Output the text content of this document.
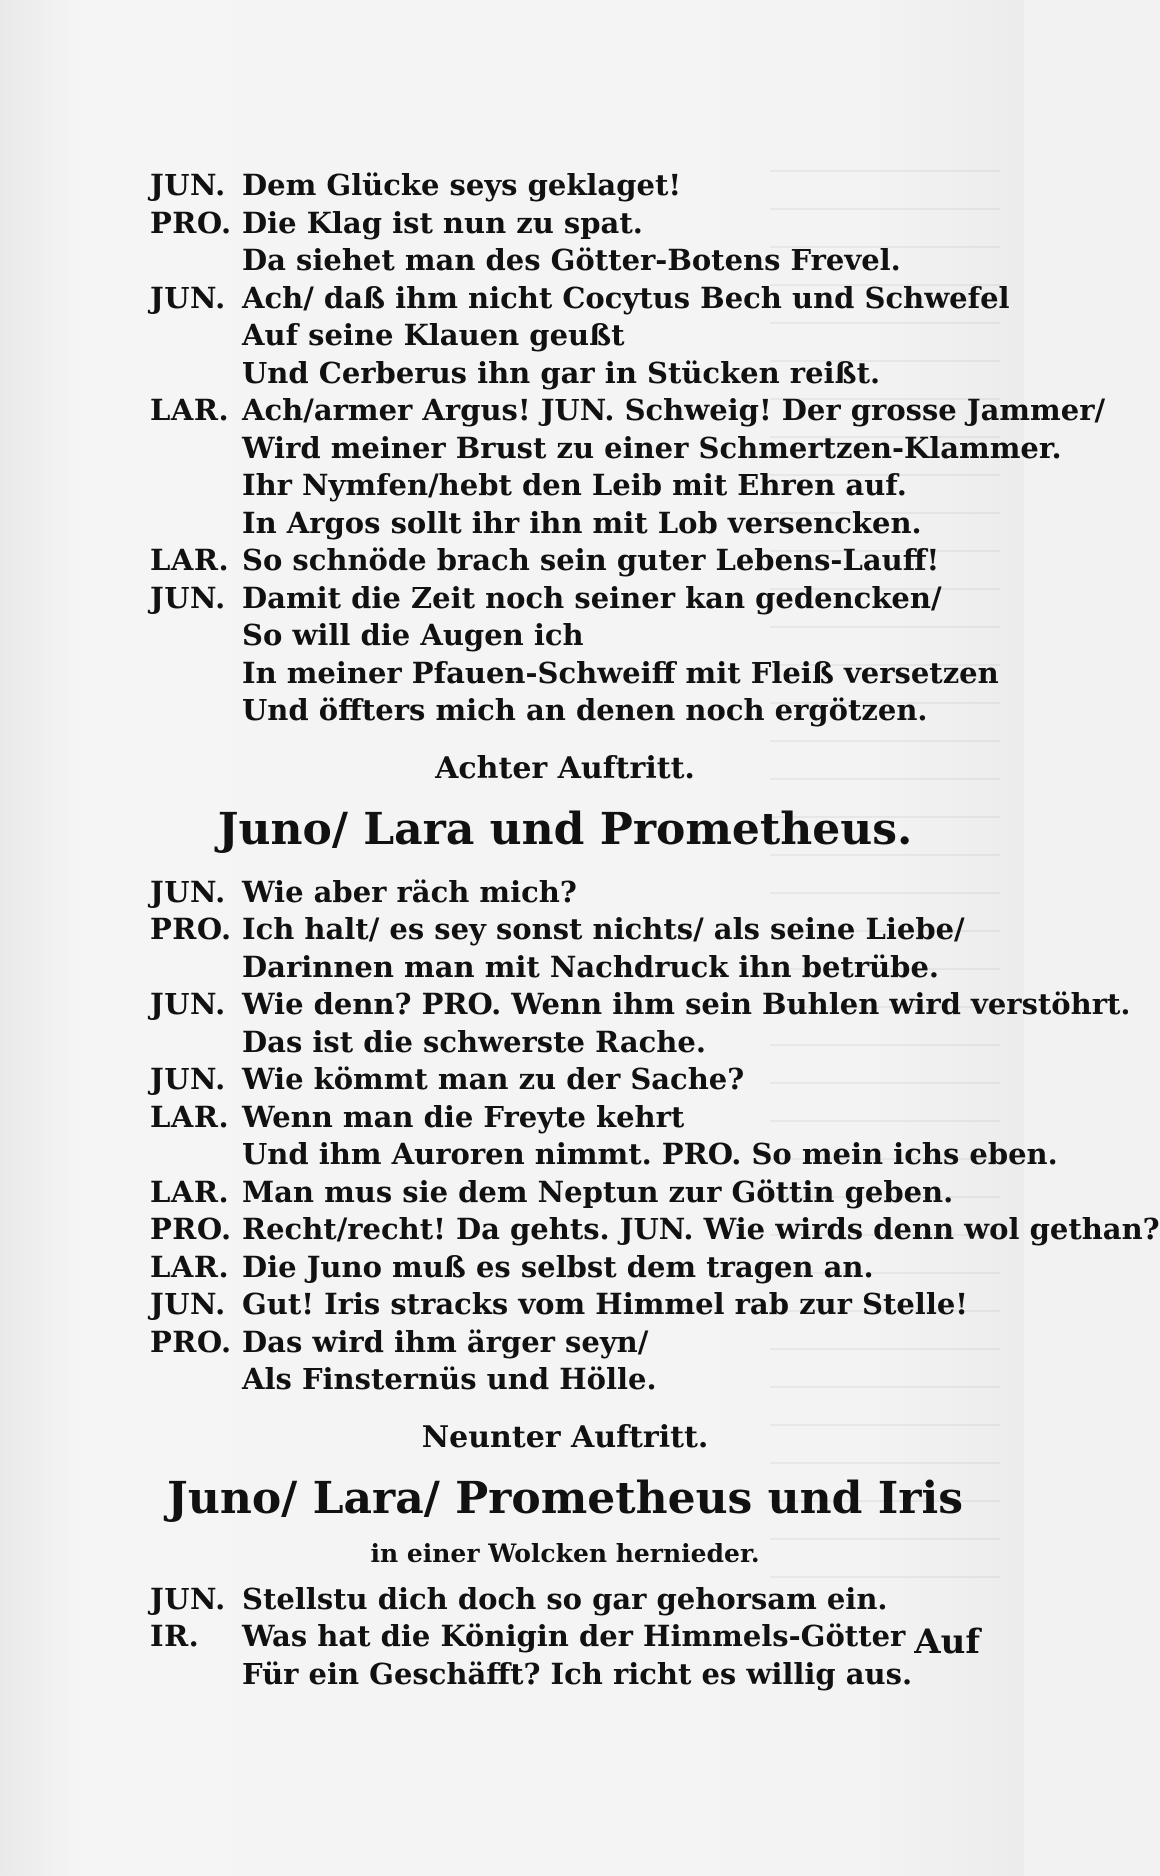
JUN. Dem Glücke seys geklaget!
PRO. Die Klag ist nun zu spat.
Da siehet man des Götter-Botens Frevel.
JUN. Ach/ daß ihm nicht Cocytus Bech und Schwefel
Auf seine Klauen geußt
Und Cerberus ihn gar in Stücken reißt.
LAR. Ach/armer Argus! JUN. Schweig! Der grosse Jammer/
Wird meiner Brust zu einer Schmertzen-Klammer.
Ihr Nymfen/hebt den Leib mit Ehren auf.
In Argos sollt ihr ihn mit Lob versencken.
LAR. So schnöde brach sein guter Lebens-Lauff!
JUN. Damit die Zeit noch seiner kan gedencken/
So will die Augen ich
In meiner Pfauen-Schweiff mit Fleiß versetzen
Und öffters mich an denen noch ergötzen.
Achter Auftritt.
Juno/ Lara und Prometheus.
JUN. Wie aber räch mich?
PRO. Ich halt/ es sey sonst nichts/ als seine Liebe/
Darinnen man mit Nachdruck ihn betrübe.
JUN. Wie denn? PRO. Wenn ihm sein Buhlen wird verstöhrt.
Das ist die schwerste Rache.
JUN. Wie kömmt man zu der Sache?
LAR. Wenn man die Freyte kehrt
Und ihm Auroren nimmt. PRO. So mein ichs eben.
LAR. Man mus sie dem Neptun zur Göttin geben.
PRO. Recht/recht! Da gehts. JUN. Wie wirds denn wol gethan?
LAR. Die Juno muß es selbst dem tragen an.
JUN. Gut! Iris stracks vom Himmel rab zur Stelle!
PRO. Das wird ihm ärger seyn/
Als Finsternüs und Hölle.
Neunter Auftritt.
Juno/ Lara/ Prometheus und Iris
in einer Wolcken hernieder.
JUN. Stellstu dich doch so gar gehorsam ein.
IR.	Was hat die Königin der Himmels-Götter
Für ein Geschäfft? Ich richt es willig aus.
Auf
